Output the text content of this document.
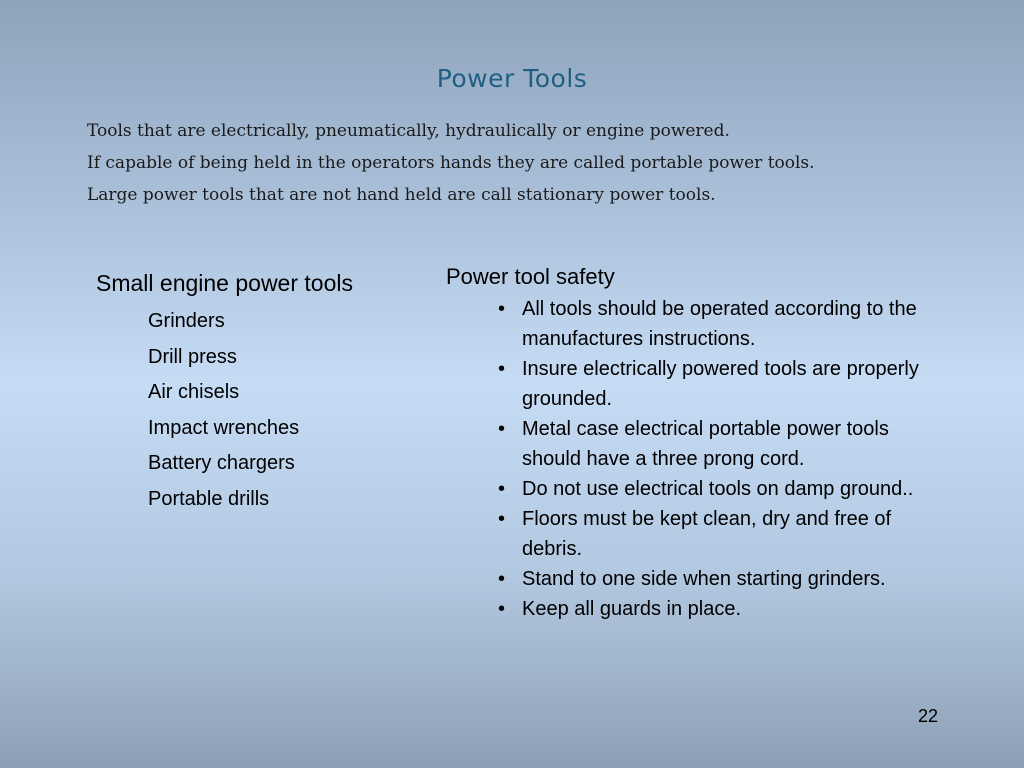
Power Tools
Tools that are electrically, pneumatically, hydraulically or engine powered.
If capable of being held in the operators hands they are called portable power tools.
Large power tools that are not hand held are call stationary power tools.
Small engine power tools
Grinders
Drill press
Air chisels
Impact wrenches
Battery chargers
Portable drills
Power tool safety
• All tools should be operated according to the manufactures instructions.
• Insure electrically powered tools are properly grounded.
• Metal case electrical portable power tools should have a three prong cord.
• Do not use electrical tools on damp ground..
• Floors must be kept clean, dry and free of debris.
• Stand to one side when starting grinders.
• Keep all guards in place.
22
